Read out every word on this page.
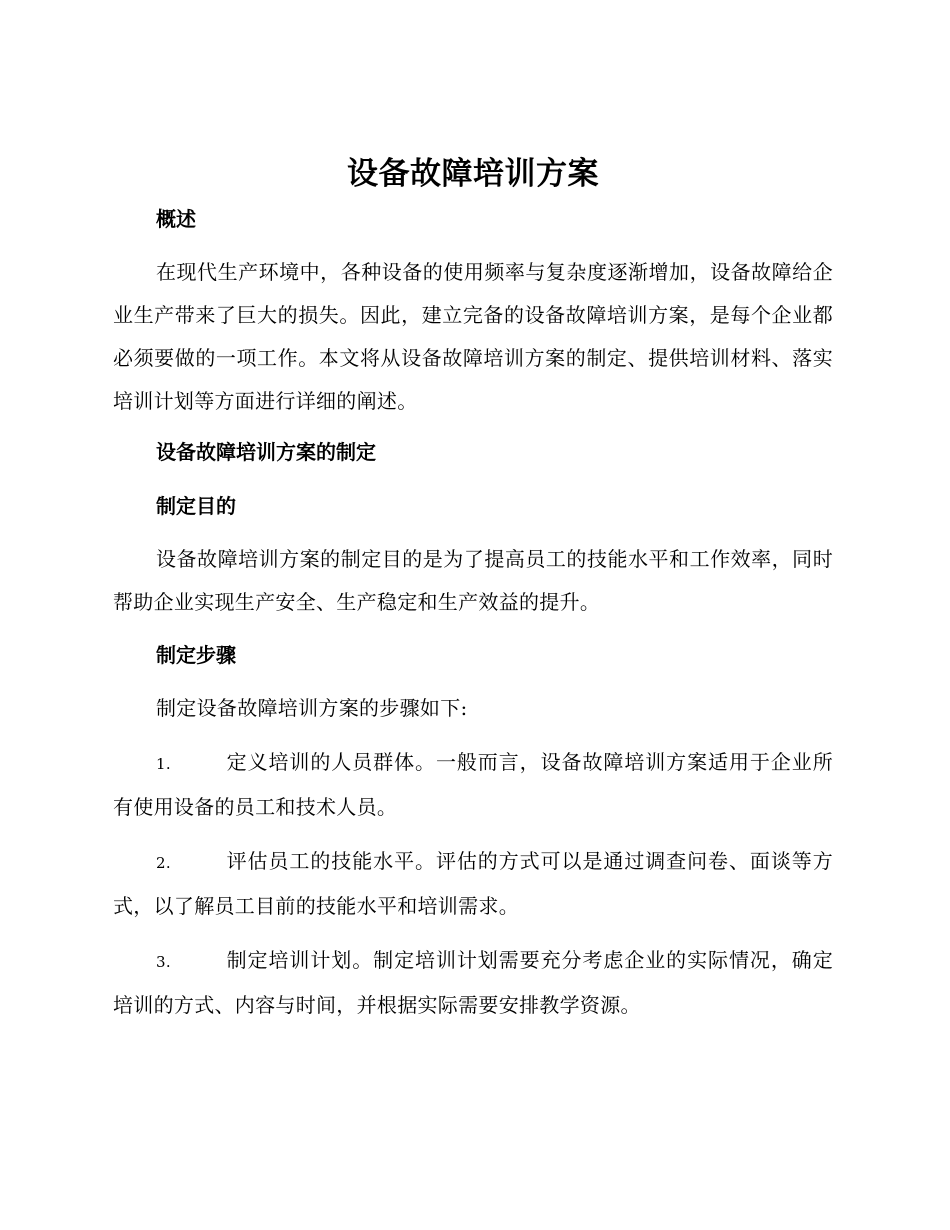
设备故障培训方案
概述

在现代生产环境中，各种设备的使用频率与复杂度逐渐增加，设备故障给企业生产带来了巨大的损失。因此，建立完备的设备故障培训方案，是每个企业都必须要做的一项工作。本文将从设备故障培训方案的制定、提供培训材料、落实培训计划等方面进行详细的阐述。

设备故障培训方案的制定
制定目的

设备故障培训方案的制定目的是为了提高员工的技能水平和工作效率，同时帮助企业实现生产安全、生产稳定和生产效益的提升。

制定步骤

制定设备故障培训方案的步骤如下:

1.	定义培训的人员群体。一般而言，设备故障培训方案适用于企业所有使用设备的员工和技术人员。

2.	评估员工的技能水平。评估的方式可以是通过调查问卷、面谈等方式，以了解员工目前的技能水平和培训需求。

3.	制定培训计划。制定培训计划需要充分考虑企业的实际情况，确定培训的方式、内容与时间，并根据实际需要安排教学资源。
